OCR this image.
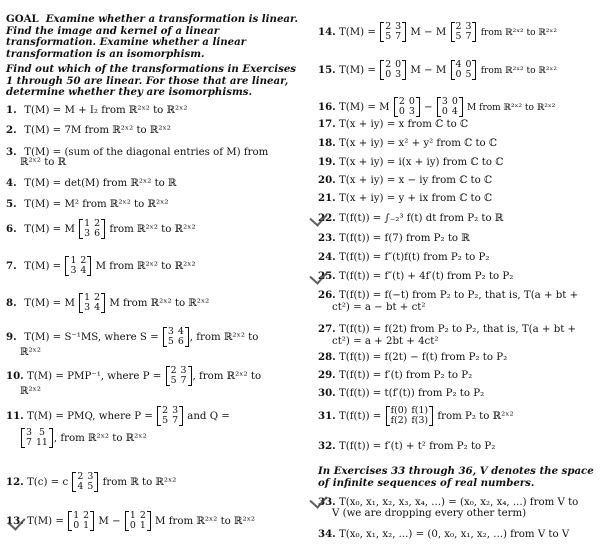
GOAL Examine whether a transformation is linear. Find the image and kernel of a linear transformation. Examine whether a linear transformation is an isomorphism.
Find out which of the transformations in Exercises 1 through 50 are linear. For those that are linear, determine whether they are isomorphisms.
1. T(M) = M + I₂ from ℝ²ˣ² to ℝ²ˣ²
2. T(M) = 7M from ℝ²ˣ² to ℝ²ˣ²
3. T(M) = (sum of the diagonal entries of M) from
ℝ²ˣ² to ℝ
4. T(M) = det(M) from ℝ²ˣ² to ℝ
5. T(M) = M² from ℝ²ˣ² to ℝ²ˣ²
6. T(M) = M
1	2
3	6 from ℝ²ˣ² to ℝ²ˣ²
7. T(M) =
1	2
3	4 M from ℝ²ˣ² to ℝ²ˣ²
8. T(M) = M
1	2
3	4 M from ℝ²ˣ² to ℝ²ˣ²
9. T(M) = S⁻¹MS, where S =
3	4
5	6 , from ℝ²ˣ² to
ℝ²ˣ²
10. T(M) = PMP⁻¹, where P =
2	3
5	7 , from ℝ²ˣ² to
ℝ²ˣ²
11. T(M) = PMQ, where P =
2	3
5	7 and Q =
3	5
7	11 , from ℝ²ˣ² to ℝ²ˣ²
12. T(c) = c
2	3
4	5 from ℝ to ℝ²ˣ²
13. T(M) =
1	2
0	1 M −
1	2
0	1 M from ℝ²ˣ² to ℝ²ˣ²
14. T(M) =
2	3
5	7 M − M
2	3
5	7 from ℝ²ˣ² to ℝ²ˣ²
15. T(M) =
2	0
0	3 M − M
4	0
0	5 from ℝ²ˣ² to ℝ²ˣ²
16. T(M) = M
2	0
0	3 −
3	0
0	4 M from ℝ²ˣ² to ℝ²ˣ²
17. T(x + iy) = x from ℂ to ℂ
18. T(x + iy) = x² + y² from ℂ to ℂ
19. T(x + iy) = i(x + iy) from ℂ to ℂ
20. T(x + iy) = x − iy from ℂ to ℂ
21. T(x + iy) = y + ix from ℂ to ℂ
22. T(f(t)) = ∫₋₂³ f(t) dt from P₂ to ℝ
23. T(f(t)) = f(7) from P₂ to ℝ
24. T(f(t)) = f″(t)f(t) from P₂ to P₂
25. T(f(t)) = f″(t) + 4f′(t) from P₂ to P₂
26. T(f(t)) = f(−t) from P₂ to P₂, that is, T(a + bt +
ct²) = a − bt + ct²
27. T(f(t)) = f(2t) from P₂ to P₂, that is, T(a + bt +
ct²) = a + 2bt + 4ct²
28. T(f(t)) = f(2t) − f(t) from P₂ to P₂
29. T(f(t)) = f′(t) from P₂ to P₂
30. T(f(t)) = t(f′(t)) from P₂ to P₂
31. T(f(t)) =
f(0)	f(1)
f(2)	f(3) from P₂ to ℝ²ˣ²
32. T(f(t)) = f′(t) + t² from P₂ to P₂
In Exercises 33 through 36, V denotes the space of infinite sequences of real numbers.
33. T(x₀, x₁, x₂, x₃, x₄, ...) = (x₀, x₂, x₄, ...) from V to
V (we are dropping every other term)
34. T(x₀, x₁, x₂, ...) = (0, x₀, x₁, x₂, ...) from V to V
